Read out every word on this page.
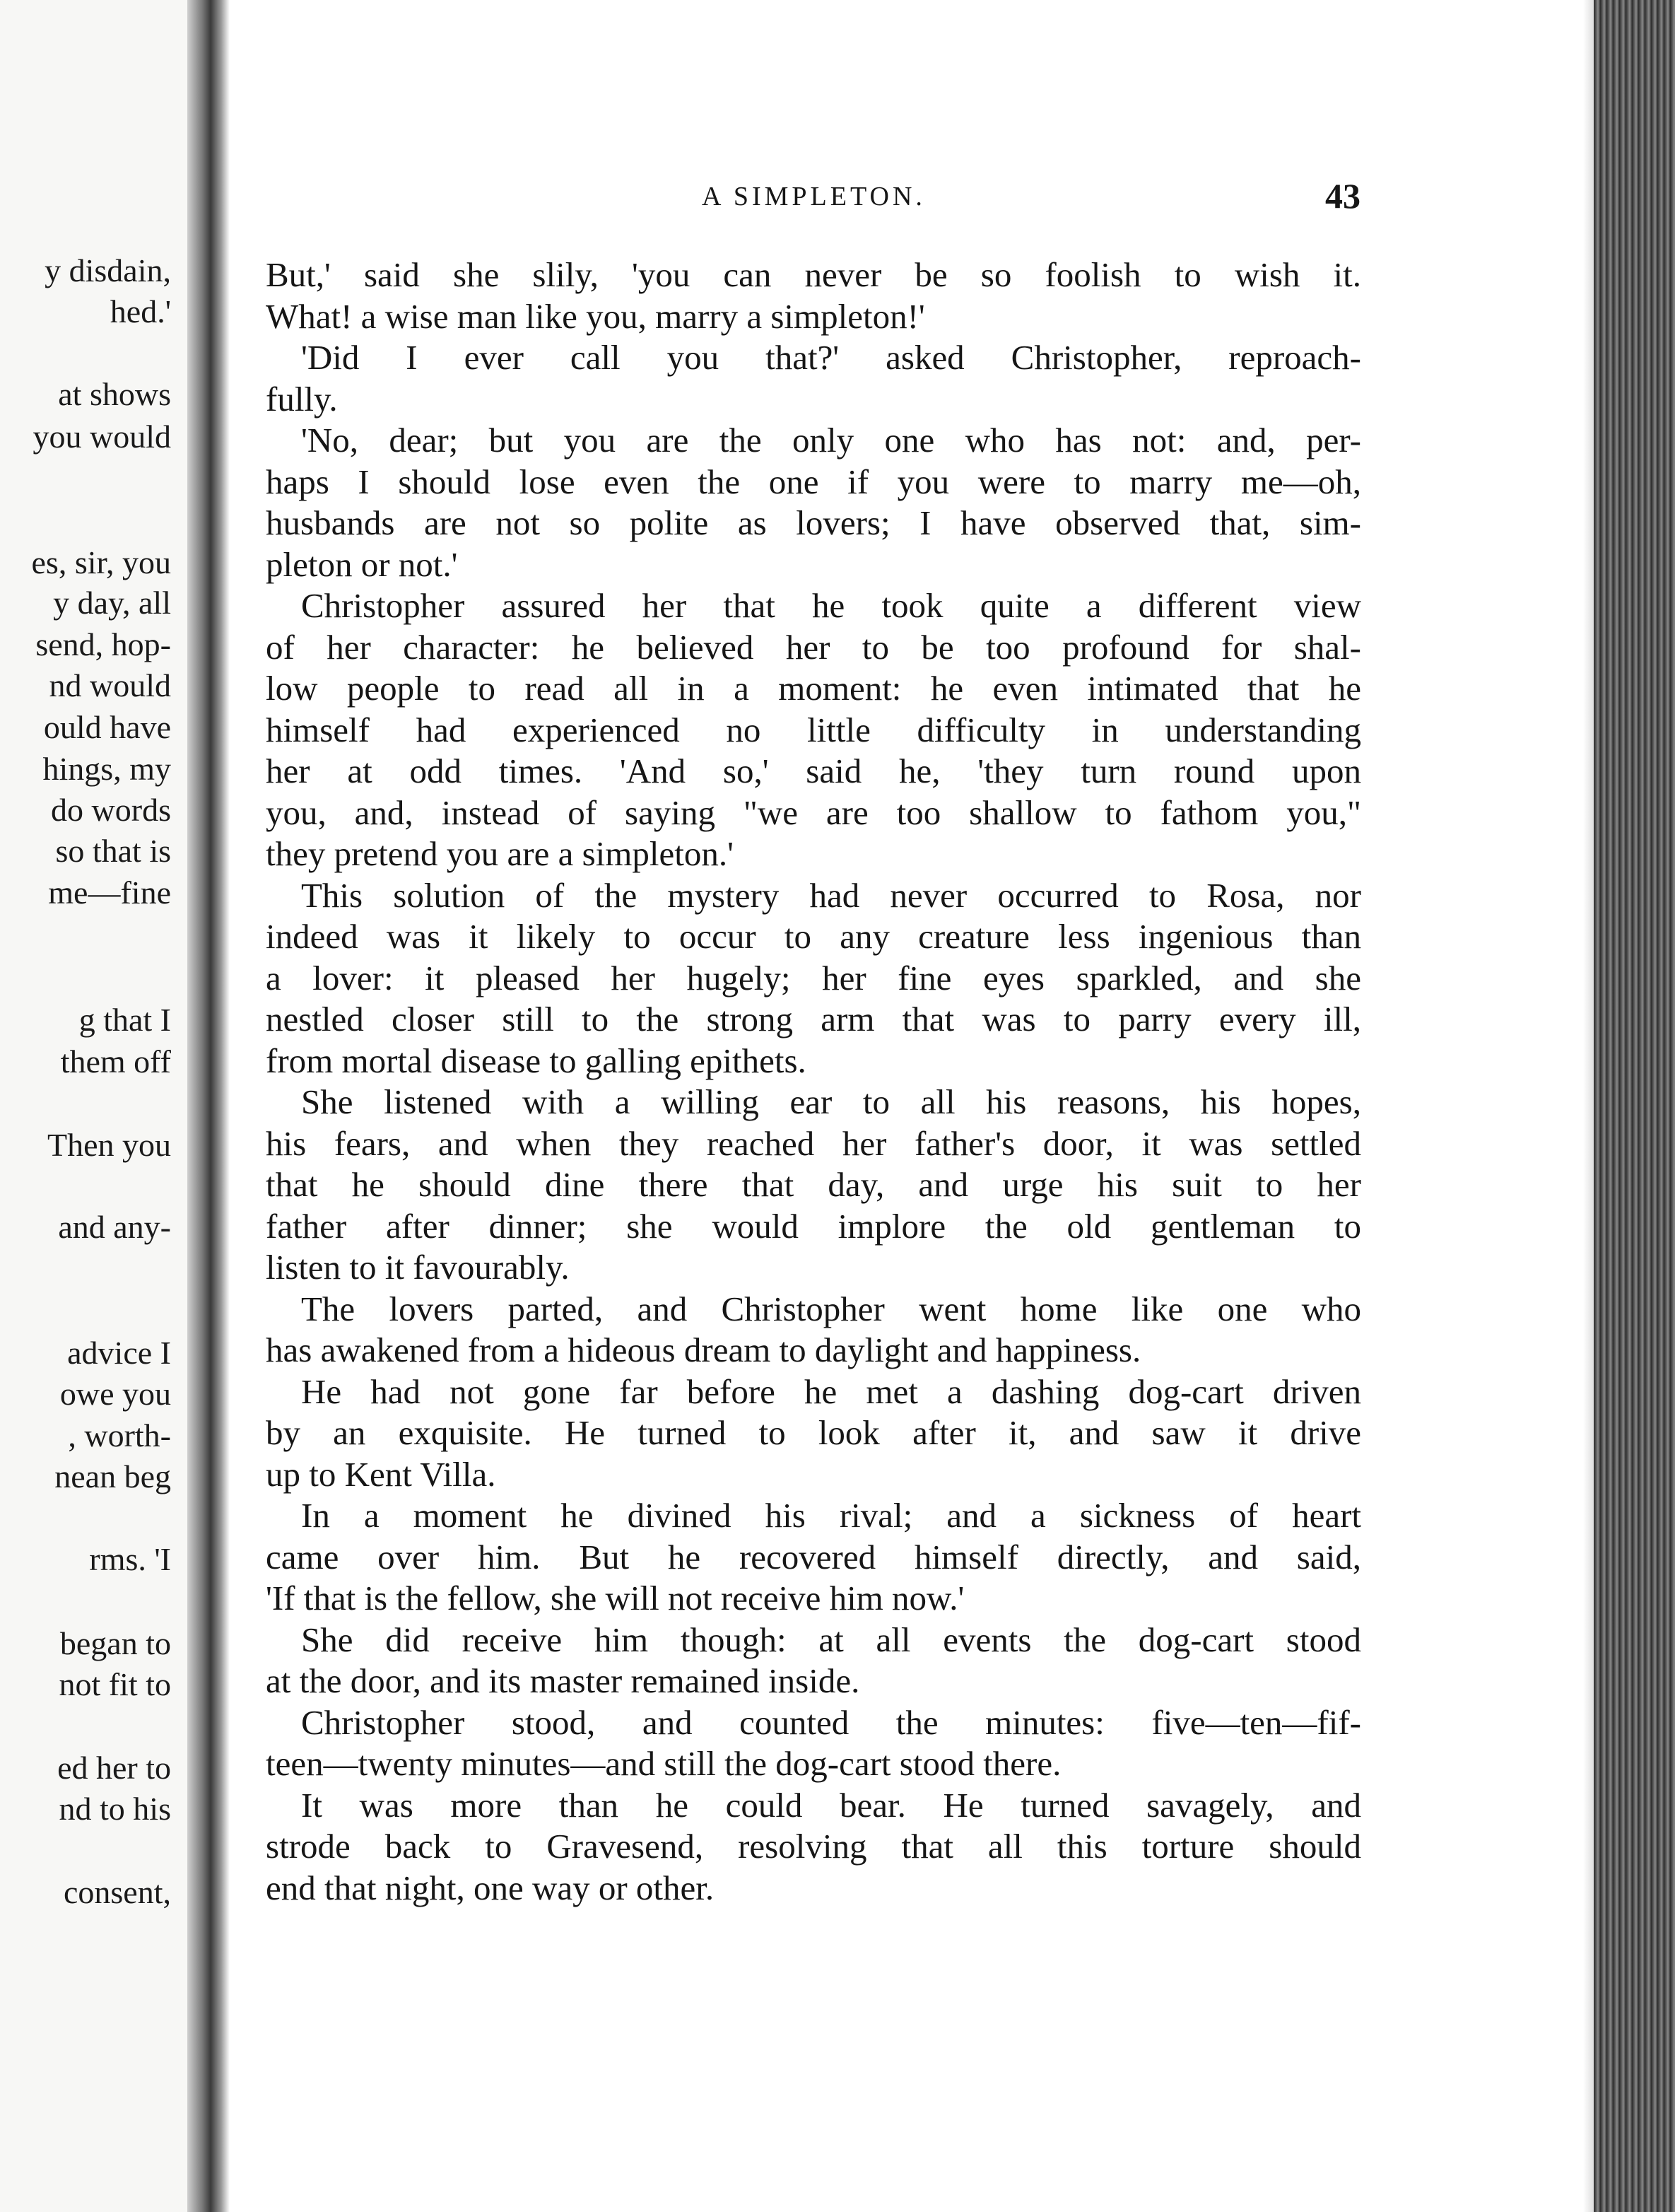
y disdain,
hed.'
at shows
you would
es, sir, you
y day, all
send, hop-
nd would
ould have
hings, my
do words
so that is
me—fine
g that I
them off
Then you
and any-
advice I
owe you
, worth-
nean beg
rms. 'I
began to
not fit to
ed her to
nd to his
consent,
A SIMPLETON.	43
But,' said she slily, 'you can never be so foolish to wish it.
What! a wise man like you, marry a simpleton!'
'Did I ever call you that?' asked Christopher, reproach-
fully.
'No, dear; but you are the only one who has not: and, per-
haps I should lose even the one if you were to marry me—oh,
husbands are not so polite as lovers; I have observed that, sim-
pleton or not.'
Christopher assured her that he took quite a different view
of her character: he believed her to be too profound for shal-
low people to read all in a moment: he even intimated that he
himself had experienced no little difficulty in understanding
her at odd times. 'And so,' said he, 'they turn round upon
you, and, instead of saying "we are too shallow to fathom you,"
they pretend you are a simpleton.'
This solution of the mystery had never occurred to Rosa, nor
indeed was it likely to occur to any creature less ingenious than
a lover: it pleased her hugely; her fine eyes sparkled, and she
nestled closer still to the strong arm that was to parry every ill,
from mortal disease to galling epithets.
She listened with a willing ear to all his reasons, his hopes,
his fears, and when they reached her father's door, it was settled
that he should dine there that day, and urge his suit to her
father after dinner; she would implore the old gentleman to
listen to it favourably.
The lovers parted, and Christopher went home like one who
has awakened from a hideous dream to daylight and happiness.
He had not gone far before he met a dashing dog-cart driven
by an exquisite. He turned to look after it, and saw it drive
up to Kent Villa.
In a moment he divined his rival; and a sickness of heart
came over him. But he recovered himself directly, and said,
'If that is the fellow, she will not receive him now.'
She did receive him though: at all events the dog-cart stood
at the door, and its master remained inside.
Christopher stood, and counted the minutes: five—ten—fif-
teen—twenty minutes—and still the dog-cart stood there.
It was more than he could bear. He turned savagely, and
strode back to Gravesend, resolving that all this torture should
end that night, one way or other.
